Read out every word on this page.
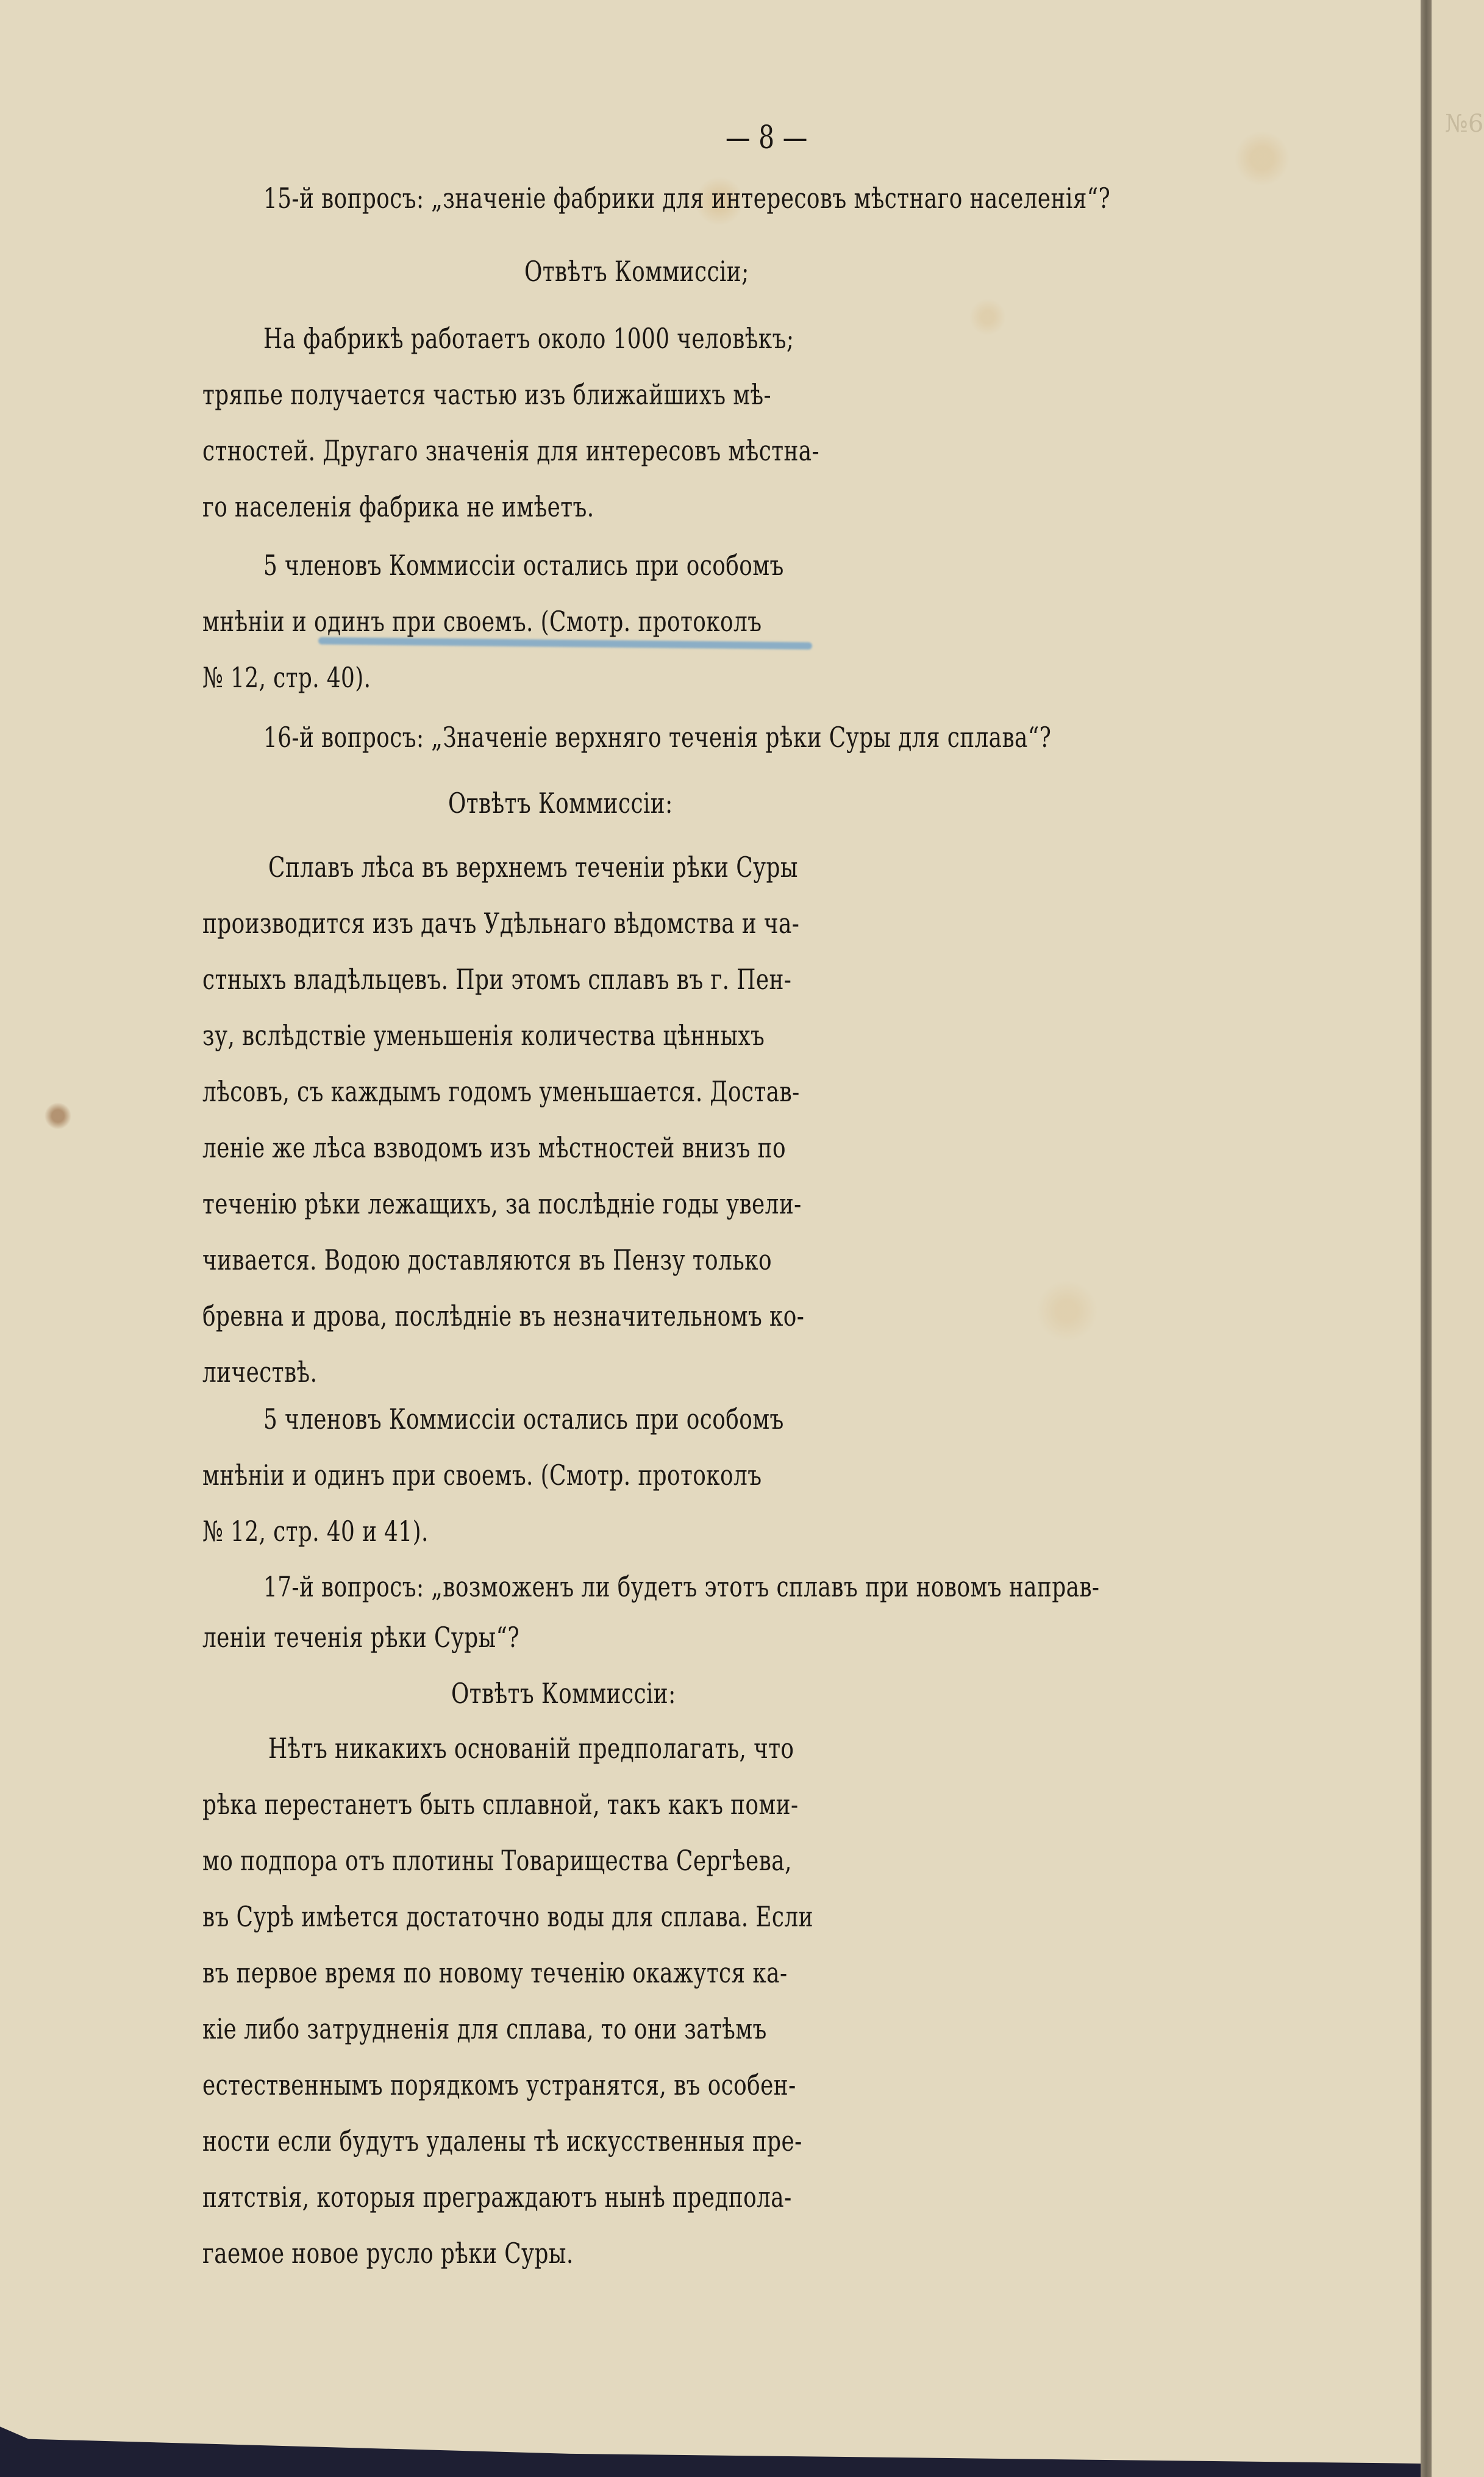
№6
— 8 —
15-й вопросъ: „значеніе фабрики для интересовъ мѣстнаго населенія“?
Отвѣтъ Коммиссіи;
На фабрикѣ работаетъ около 1000 человѣкъ;
тряпье получается частью изъ ближайшихъ мѣ-
стностей. Другаго значенія для интересовъ мѣстна-
го населенія фабрика не имѣетъ.
5 членовъ Коммиссіи остались при особомъ
мнѣніи и одинъ при своемъ. (Смотр. протоколъ
№ 12, стр. 40).
16-й вопросъ: „Значеніе верхняго теченія рѣки Суры для сплава“?
Отвѣтъ Коммиссіи:
Сплавъ лѣса въ верхнемъ теченіи рѣки Суры
производится изъ дачъ Удѣльнаго вѣдомства и ча-
стныхъ владѣльцевъ. При этомъ сплавъ въ г. Пен-
зу, вслѣдствіе уменьшенія количества цѣнныхъ
лѣсовъ, съ каждымъ годомъ уменьшается. Достав-
леніе же лѣса взводомъ изъ мѣстностей внизъ по
теченію рѣки лежащихъ, за послѣдніе годы увели-
чивается. Водою доставляются въ Пензу только
бревна и дрова, послѣдніе въ незначительномъ ко-
личествѣ.
5 членовъ Коммиссіи остались при особомъ
мнѣніи и одинъ при своемъ. (Смотр. протоколъ
№ 12, стр. 40 и 41).
17-й вопросъ: „возможенъ ли будетъ этотъ сплавъ при новомъ направ-
леніи теченія рѣки Суры“?
Отвѣтъ Коммиссіи:
Нѣтъ никакихъ основаній предполагать, что
рѣка перестанетъ быть сплавной, такъ какъ поми-
мо подпора отъ плотины Товарищества Сергѣева,
въ Сурѣ имѣется достаточно воды для сплава. Если
въ первое время по новому теченію окажутся ка-
кіе либо затрудненія для сплава, то они затѣмъ
естественнымъ порядкомъ устранятся, въ особен-
ности если будутъ удалены тѣ искусственныя пре-
пятствія, которыя преграждаютъ нынѣ предпола-
гаемое новое русло рѣки Суры.
